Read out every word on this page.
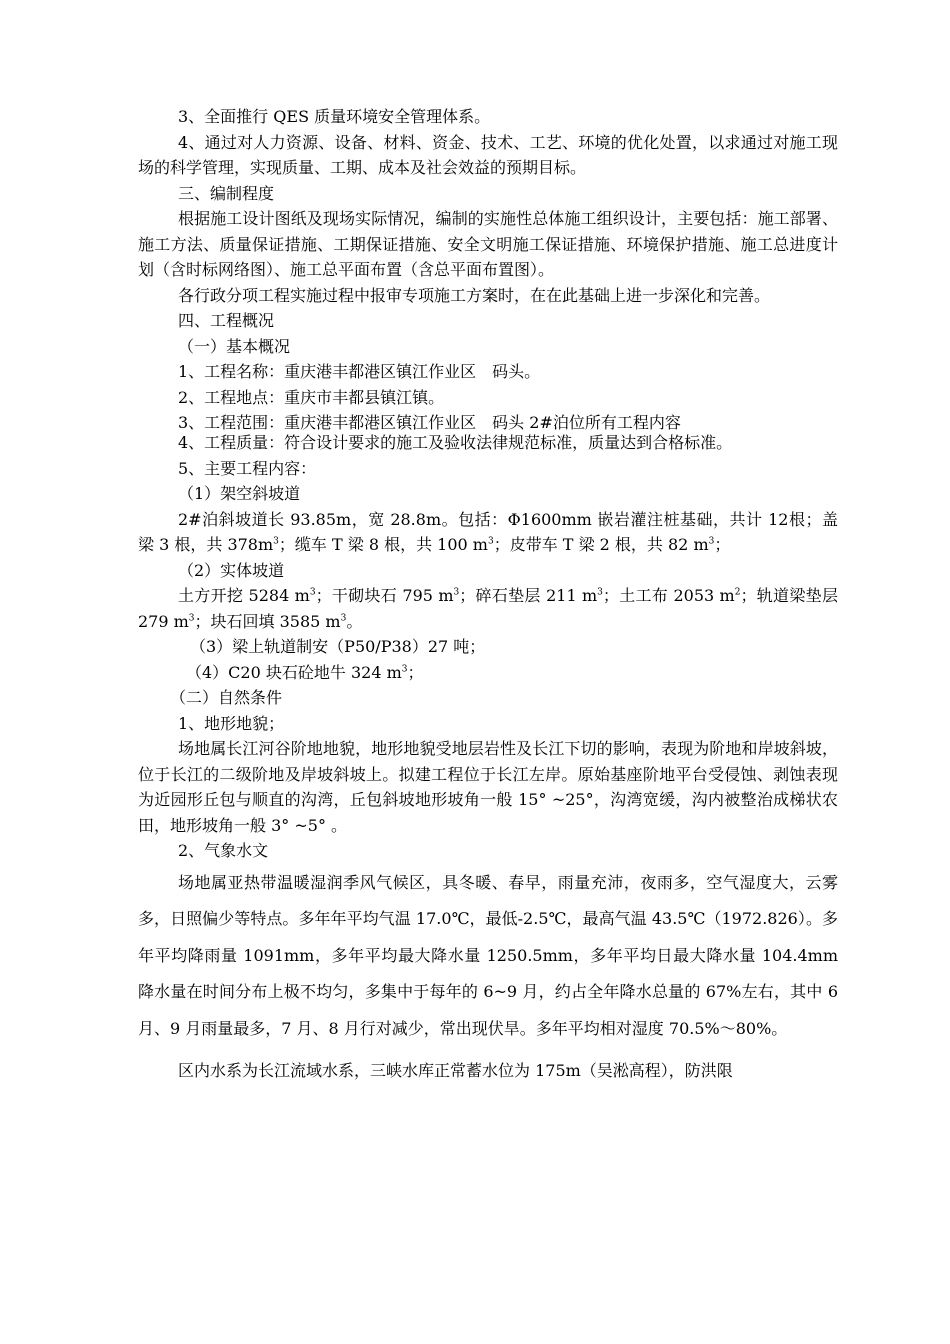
3、全面推行 QES 质量环境安全管理体系。

4、通过对人力资源、设备、材料、资金、技术、工艺、环境的优化处置，以求通过对施工现场的科学管理，实现质量、工期、成本及社会效益的预期目标。

三、编制程度

根据施工设计图纸及现场实际情况，编制的实施性总体施工组织设计，主要包括：施工部署、施工方法、质量保证措施、工期保证措施、安全文明施工保证措施、环境保护措施、施工总进度计划（含时标网络图）、施工总平面布置（含总平面布置图）。

各行政分项工程实施过程中报审专项施工方案时，在在此基础上进一步深化和完善。

四、工程概况

（一）基本概况

1、工程名称：重庆港丰都港区镇江作业区　码头。

2、工程地点：重庆市丰都县镇江镇。

3、工程范围：重庆港丰都港区镇江作业区　码头 2#泊位所有工程内容

4、工程质量：符合设计要求的施工及验收法律规范标准，质量达到合格标准。

5、主要工程内容：

（1）架空斜坡道

2#泊斜坡道长 93.85m，宽 28.8m。包括：Φ1600mm 嵌岩灌注桩基础，共计 12根；盖梁 3 根，共 $378m^3$；缆车 T 梁 8 根，共 100 $m^3$；皮带车 T 梁 2 根，共 82 $m^3$；

（2）实体坡道

土方开挖 5284 $m^3$；干砌块石 795 $m^3$；碎石垫层 211 $m^3$；土工布 2053 $m^2$；轨道梁垫层 279 $m^3$；块石回填 3585 $m^3$。

（3）梁上轨道制安（P50/P38）27 吨；

（4）C20 块石砼地牛 324 $m^3$；

（二）自然条件

1、地形地貌；

场地属长江河谷阶地地貌，地形地貌受地层岩性及长江下切的影响，表现为阶地和岸坡斜坡，位于长江的二级阶地及岸坡斜坡上。拟建工程位于长江左岸。原始基座阶地平台受侵蚀、剥蚀表现为近园形丘包与顺直的沟湾，丘包斜坡地形坡角一般 15° ~25°，沟湾宽缓，沟内被整治成梯状农田，地形坡角一般 3° ~5° 。

2、气象水文

场地属亚热带温暖湿润季风气候区，具冬暖、春早，雨量充沛，夜雨多，空气湿度大，云雾多，日照偏少等特点。多年年平均气温 17.0℃，最低-2.5℃，最高气温 43.5℃（1972.826）。多年平均降雨量 1091mm，多年平均最大降水量 1250.5mm，多年平均日最大降水量 104.4mm 降水量在时间分布上极不均匀，多集中于每年的 6~9 月，约占全年降水总量的 67%左右，其中 6 月、9 月雨量最多，7 月、8 月行对减少，常出现伏旱。多年平均相对湿度 70.5%～80%。

区内水系为长江流域水系，三峡水库正常蓄水位为 175m（吴淞高程），防洪限
